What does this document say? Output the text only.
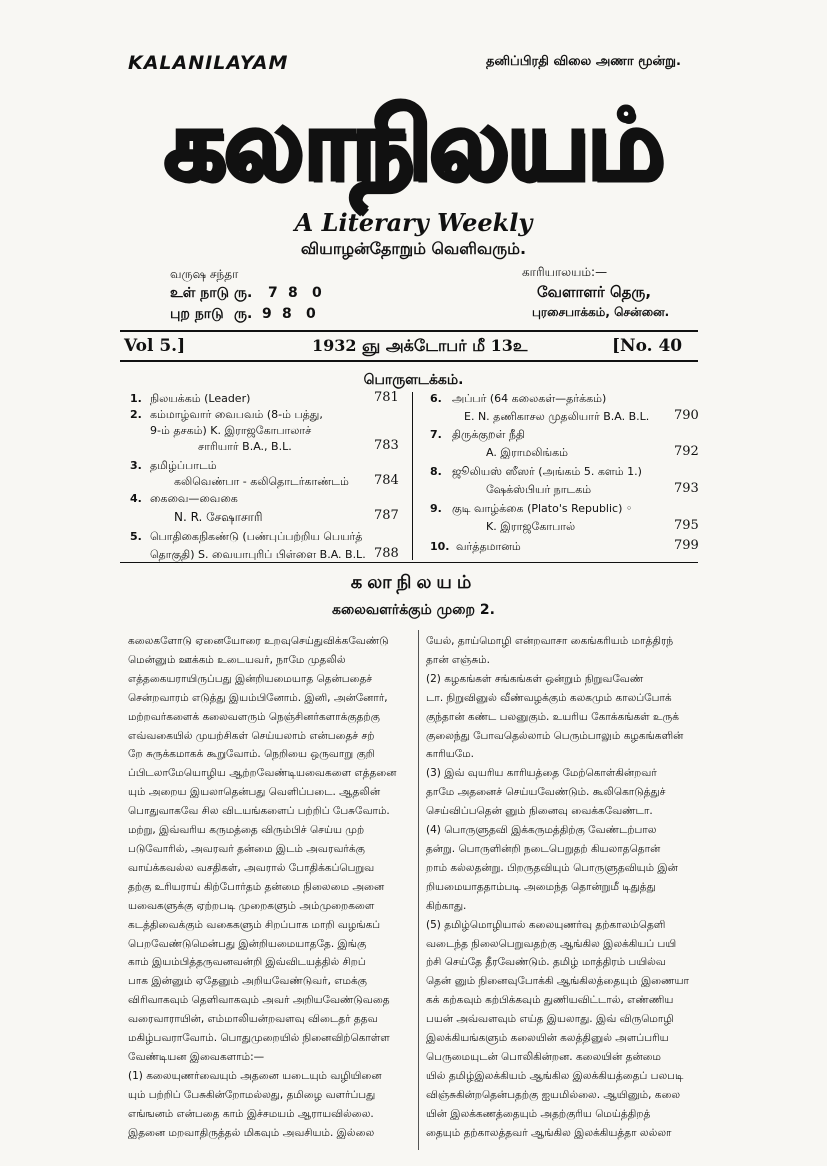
KALANILAYAM	தனிப்பிரதி விலை அணா மூன்று.
கலாநிலயம்
A Literary Weekly
வியாழன்தோறும் வெளிவரும்.
வருஷ சந்தா
உள் நாடு ரு. 7 8 0
புற நாடு ரு. 9 8 0
காரியாலயம்:—
வேளாளர் தெரு,
புரசைபாக்கம், சென்னை.
Vol 5.]	1932 ஞு அக்டோபர் மீ 13உ	[No. 40
பொருளடக்கம்.
1. நிலயக்கம் (Leader)	781
2. கம்மாழ்வார் வைபவம் (8-ம் பத்து,
9-ம் தசகம்) K. இராஜகோபாலாச்
சாரியார் B.A., B.L.	783
3. தமிழ்ப்பாடம்
கலிவெண்பா - கலிதொடர்காண்டம் 784
4. கைவை—வைகை
N. R. சேஷாசாரி	787
5. பொதிகைநிகண்டு (பண்புப்பற்றிய பெயர்த்
தொகுதி) S. வையாபுரிப் பிள்ளை B.A. B.L. 788
6. அப்பர் (64 கலைகள்—தர்க்கம்)
E. N. தணிகாசல முதலியார் B.A. B.L. 790
7. திருக்குறள் நீதி
A. இராமலிங்கம்	792
8. ஜூலியஸ் ஸீஸர் (அங்கம் 5. களம் 1.)
ஷேக்ஸ்பியர் நாடகம்	793
9. குடி வாழ்க்கை (Plato's Republic) ◦
K. இராஜகோபால்	795
10. வர்த்தமானம்	799
கலாநிலயம்
கலைவளர்க்கும் முறை 2.

கலைகளோடு ஏனையோரை உறவுசெய்துவிக்கவேண்டு

மென்னும் ஊக்கம் உடையவர், நாமே முதலில்

எத்தகையராயிருப்பது இன்றியமையாத தென்பதைச்

சென்றவாரம் எடுத்து இயம்பினோம். இனி, அன்னோர்,

மற்றவர்களைக் கலைவளரும் நெஞ்சினர்களாக்குதற்கு

எவ்வகையில் முயற்சிகள் செய்யலாம் என்பதைச் சற்

றே சுருக்கமாகக் கூறுவோம். நெறியை ஒருவாறு குறி

ப்பிடலாமேயொழிய ஆற்றவேண்டியவைகளை எத்தனை

யும் அறைய இயலாதென்பது வெளிப்படை. ஆதலின்

பொதுவாகவே சில விடயங்களைப் பற்றிப் பேசுவோம்.

மற்று, இவ்வரிய கருமத்தை விரும்பிச் செய்ய முற்

படுவோரில், அவரவர் தன்மை இடம் அவரவர்க்கு

வாய்க்கவல்ல வசதிகள், அவரால் போதிக்கப்பெறுவ

தற்கு உரியராய் கிற்போர்தம் தன்மை நிலைமை அனை

யவைகளுக்கு ஏற்றபடி முறைகளும் அம்முறைகளை

கடத்திவைக்கும் வகைகளும் சிறப்பாக மாறி வழங்கப்

பெறவேண்டுமென்பது இன்றியமையாததே. இங்கு

காம் இயம்பித்தருவனவன்றி இவ்விடயத்தில் சிறப்

பாக இன்னும் ஏதேனும் அறியவேண்டுவர், எமக்கு

விரிவாகவும் தெளிவாகவும் அவர் அறியவேண்டுவதை

வரைவாராயின், எம்மாலியன்றவளவு விடைதர் ததவ

மகிழ்பவராவோம். பொதுமுறையில் நினைவிற்கொள்ள

வேண்டியன இவைகளாம்:—

(1) கலையுணர்வையும் அதனை யடையும் வழியினை

யும் பற்றிப் பேசுகின்றோமல்லது, தமிழை வளர்ப்பது

எங்ஙனம் என்பதை காம் இச்சமயம் ஆராயவில்லை.

இதனை மறவாதிருத்தல் மிகவும் அவசியம். இல்லை

யேல், தாய்மொழி என்றவாசா கைங்கரியம் மாத்திரந்

தான் எஞ்சும்.

(2) கழகங்கள் சங்கங்கள் ஒன்றும் நிறுவவேண்

டா. நிறுவினுல் வீண்வழக்கும் கலகமும் காலப்போக்

குந்தான் கண்ட பலனுகும். உயரிய கோக்கங்கள் உருக்

குலைந்து போவதெல்லாம் பெரும்பாலும் கழகங்களின்

காரியமே.

(3) இவ் வுயரிய காரியத்தை மேற்கொள்கின்றவர்

தாமே அதனைச் செய்யவேண்டும். கூலிகொடுத்துச்

செய்விப்பதென் னும் நினைவு வைக்கவேண்டா.

(4) பொருளுதவி இக்கருமத்திற்கு வேண்டற்பால

தன்று. பொருளின்றி நடைபெறுதற் கியலாததொன்

றாம் கல்லதன்று. பிறருதவியும் பொருளுதவியும் இன்

றியமையாததாம்படி அமைந்த தொன்றுமீ டிதுத்து

கிற்காது.

(5) தமிழ்மொழியால் கலையுணர்வு தற்காலம்தெளி

வடைந்த நிலைபெறுவதற்கு ஆங்கில இலக்கியப் பயி

ற்சி செய்தே தீரவேண்டும். தமிழ் மாத்திரம் பயில்வ

தென் னும் நினைவுபோக்கி ஆங்கிலத்தையும் இணையா

கக் கற்கவும் கற்பிக்கவும் துணியவிட்டால், எண்ணிய

பயன் அவ்வளவும் எய்த இயலாது. இவ் விருமொழி

இலக்கியங்களும் கலையின் கலத்தினுல் அளப்பரிய

பெருமையுடன் பொலிகின்றன. கலையின் தன்மை

யில் தமிழ்இலக்கியம் ஆங்கில இலக்கியத்தைப் பலபடி

விஞ்சுகின்றதென்பதற்கு ஐயமில்லை. ஆயினும், கலை

யின் இலக்கணத்தையும் அதற்குரிய மெய்த்திறத்

தையும் தற்காலத்தவர் ஆங்கில இலக்கியத்தா லல்லா
